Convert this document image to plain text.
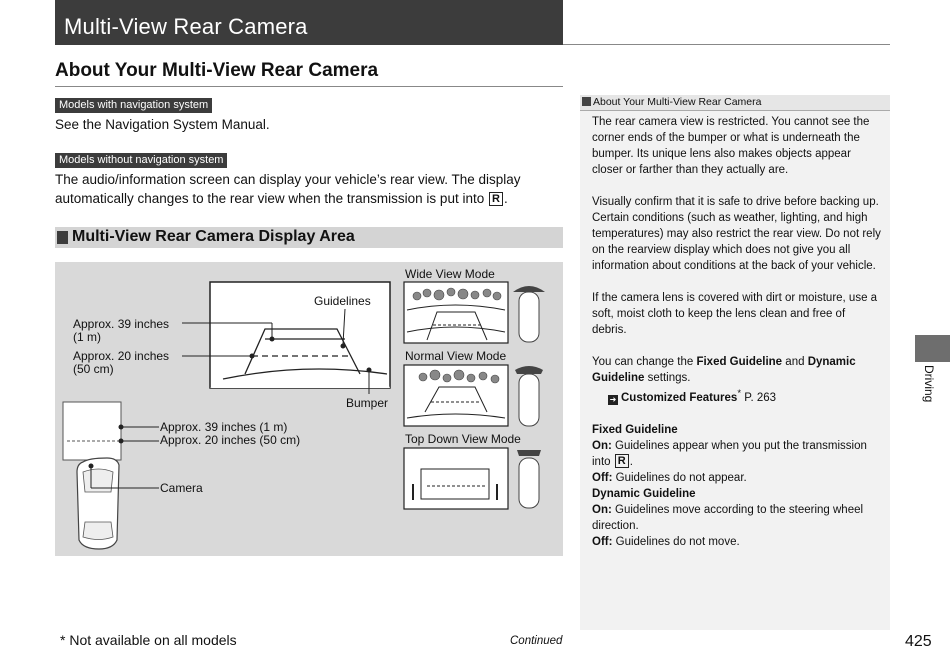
Multi-View Rear Camera
About Your Multi-View Rear Camera
Models with navigation system
See the Navigation System Manual.
Models without navigation system
The audio/information screen can display your vehicle’s rear view. The display
automatically changes to the rear view when the transmission is put into R .
Multi-View Rear Camera Display Area
Approx. 39 inches
(1 m)
Approx. 20 inches
(50 cm)
Guidelines
Bumper
Approx. 39 inches (1 m)
Approx. 20 inches (50 cm)
Camera
Wide View Mode
Normal View Mode
Top Down View Mode
About Your Multi-View Rear Camera

The rear camera view is restricted. You cannot see the corner ends of the bumper or what is underneath the bumper. Its unique lens also makes objects appear closer or farther than they actually are.

Visually confirm that it is safe to drive before backing up. Certain conditions (such as weather, lighting, and high temperatures) may also restrict the rear view. Do not rely on the rearview display which does not give you all information about conditions at the back of your vehicle.

If the camera lens is covered with dirt or moisture, use a soft, moist cloth to keep the lens clean and free of debris.

You can change the Fixed Guideline and Dynamic Guideline settings.
➜ Customized Features* P. 263

Fixed Guideline

On: Guidelines appear when you put the transmission into R .

Off: Guidelines do not appear.

Dynamic Guideline

On: Guidelines move according to the steering wheel direction.

Off: Guidelines do not move.

Driving
* Not available on all models	Continued	425
